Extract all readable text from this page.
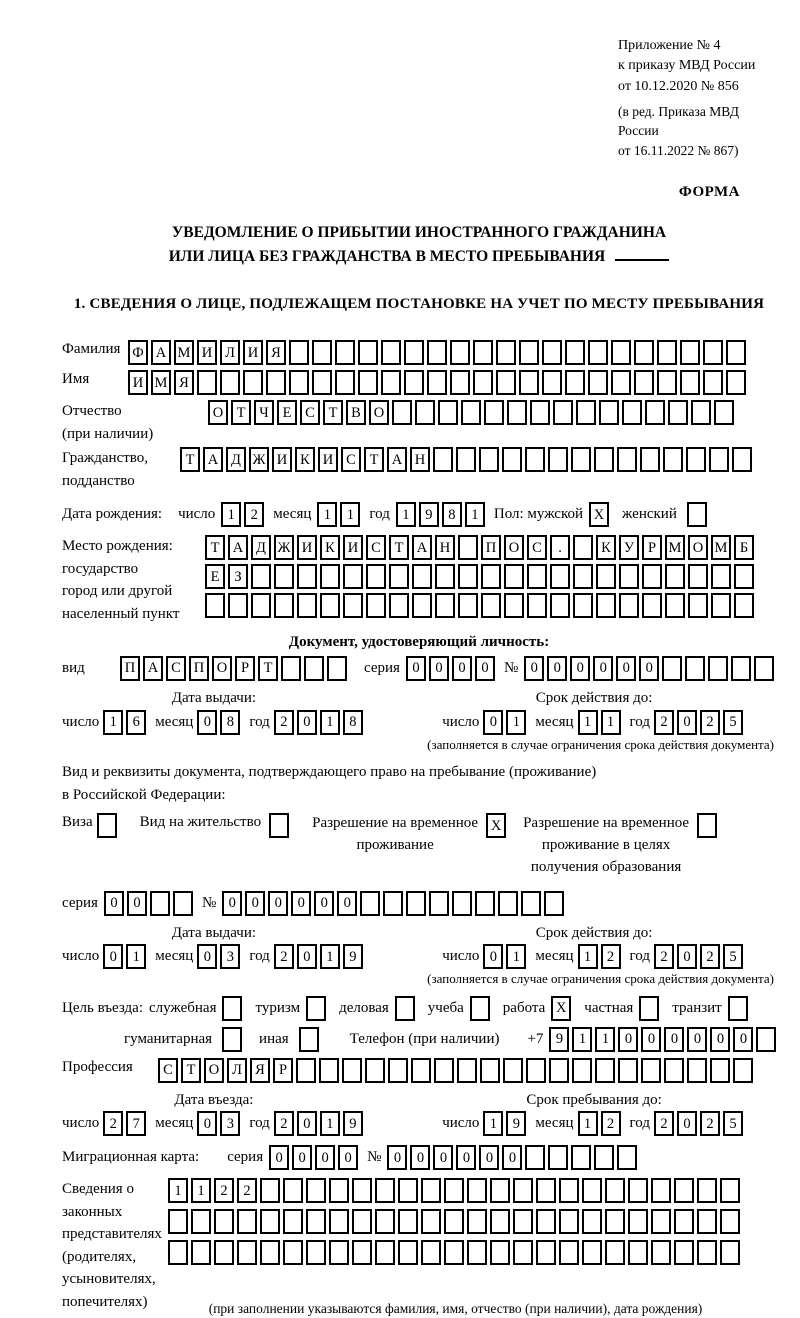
Приложение № 4
к приказу МВД России
от 10.12.2020 № 856
(в ред. Приказа МВД России
от 16.11.2022 № 867)
ФОРМА
УВЕДОМЛЕНИЕ О ПРИБЫТИИ ИНОСТРАННОГО ГРАЖДАНИНА
ИЛИ ЛИЦА БЕЗ ГРАЖДАНСТВА В МЕСТО ПРЕБЫВАНИЯ
1. СВЕДЕНИЯ О ЛИЦЕ, ПОДЛЕЖАЩЕМ ПОСТАНОВКЕ НА УЧЕТ ПО МЕСТУ ПРЕБЫВАНИЯ
Фамилия Ф А М И Л И Я
Имя	И М Я
Отчество
(при наличии)
О Т Ч Е С Т В О
Гражданство,
подданство
Т А Д Ж И К И С Т А Н
Дата рождения: число 1	2	месяц 1	1	год 1	9	8	1	Пол: мужской X	женский
Место рождения:
государство
город или другой
населенный пункт
Т А Д Ж И К И С Т А Н	П О С	.	К У Р М О М Б
Е	З
Документ, удостоверяющий личность:
вид	П А С П О Р	Т	серия 0	0	0	0	№ 0	0	0	0	0	0
Дата выдачи:
число 1	6	месяц 0	8	год 2	0	1	8
Срок действия до:
число 0	1	месяц 1	1	год 2	0	2	5
(заполняется в случае ограничения срока действия документа)
Вид и реквизиты документа, подтверждающего право на пребывание (проживание)
в Российской Федерации:
Виза	Вид на жительство	Разрешение на временное
проживание
X	Разрешение на временное
проживание в целях
получения образования
серия 0	0	№ 0	0	0	0	0	0
Дата выдачи:
число 0	1	месяц 0	3	год 2	0	1	9
Срок действия до:
число 0	1	месяц 1	2	год 2	0	2	5
(заполняется в случае ограничения срока действия документа)
Цель въезда: служебная	туризм	деловая	учеба	работа X	частная	транзит
гуманитарная	иная	Телефон (при наличии) +7 9	1	1	0	0	0	0	0	0
Профессия	С Т О Л Я Р
Дата въезда:
число 2	7	месяц 0	3	год 2	0	1	9
Срок пребывания до:
число 1	9	месяц 1	2	год 2	0	2	5
Миграционная карта: серия 0	0	0	0	№ 0	0	0	0	0	0
Сведения о
законных
представителях
(родителях,
усыновителях,
попечителях)
1	1	2	2
(при заполнении указываются фамилия, имя, отчество (при наличии), дата рождения)
